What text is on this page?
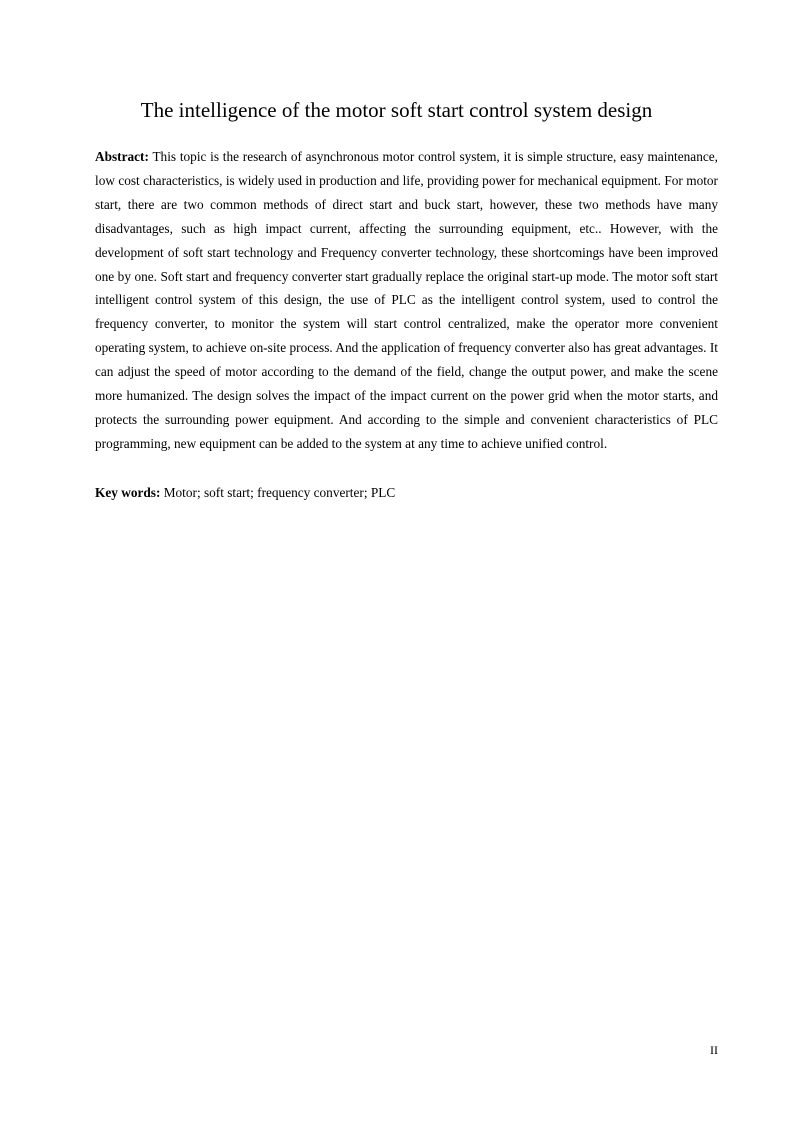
The intelligence of the motor soft start control system design

Abstract: This topic is the research of asynchronous motor control system, it is simple structure, easy maintenance, low cost characteristics, is widely used in production and life, providing power for mechanical equipment. For motor start, there are two common methods of direct start and buck start, however, these two methods have many disadvantages, such as high impact current, affecting the surrounding equipment, etc.. However, with the development of soft start technology and Frequency converter technology, these shortcomings have been improved one by one. Soft start and frequency converter start gradually replace the original start-up mode. The motor soft start intelligent control system of this design, the use of PLC as the intelligent control system, used to control the frequency converter, to monitor the system will start control centralized, make the operator more convenient operating system, to achieve on-site process. And the application of frequency converter also has great advantages. It can adjust the speed of motor according to the demand of the field, change the output power, and make the scene more humanized. The design solves the impact of the impact current on the power grid when the motor starts, and protects the surrounding power equipment. And according to the simple and convenient characteristics of PLC programming, new equipment can be added to the system at any time to achieve unified control.

Key words: Motor; soft start; frequency converter; PLC

II
